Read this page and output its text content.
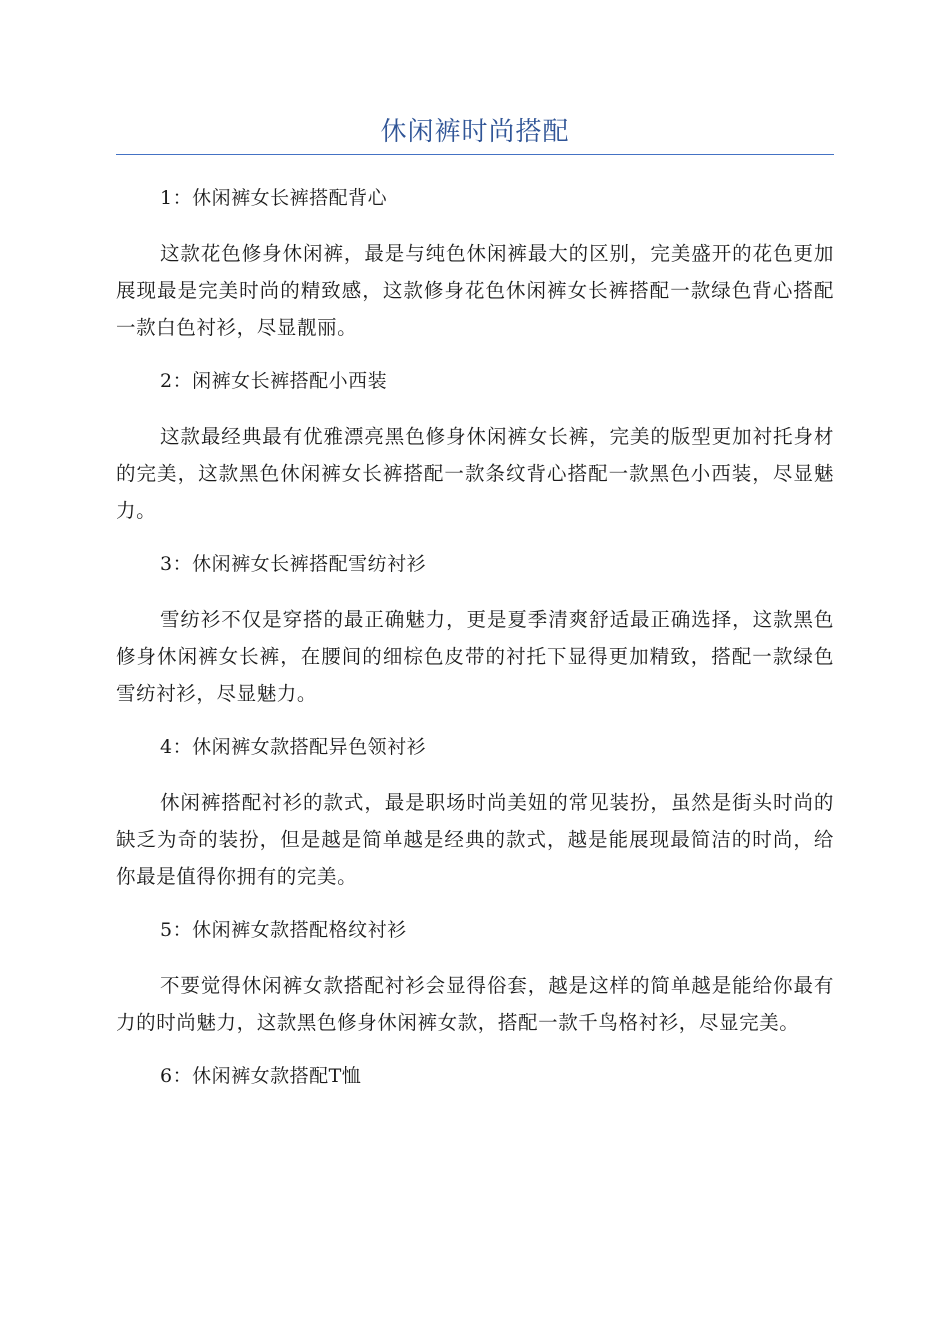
休闲裤时尚搭配

1：休闲裤女长裤搭配背心

这款花色修身休闲裤，最是与纯色休闲裤最大的区别，完美盛开的花色更加展现最是完美时尚的精致感，这款修身花色休闲裤女长裤搭配一款绿色背心搭配一款白色衬衫，尽显靓丽。

2：闲裤女长裤搭配小西装

这款最经典最有优雅漂亮黑色修身休闲裤女长裤，完美的版型更加衬托身材的完美，这款黑色休闲裤女长裤搭配一款条纹背心搭配一款黑色小西装，尽显魅力。

3：休闲裤女长裤搭配雪纺衬衫

雪纺衫不仅是穿搭的最正确魅力，更是夏季清爽舒适最正确选择，这款黑色修身休闲裤女长裤，在腰间的细棕色皮带的衬托下显得更加精致，搭配一款绿色雪纺衬衫，尽显魅力。

4：休闲裤女款搭配异色领衬衫

休闲裤搭配衬衫的款式，最是职场时尚美妞的常见装扮，虽然是街头时尚的缺乏为奇的装扮，但是越是简单越是经典的款式，越是能展现最简洁的时尚，给你最是值得你拥有的完美。

5：休闲裤女款搭配格纹衬衫

不要觉得休闲裤女款搭配衬衫会显得俗套，越是这样的简单越是能给你最有力的时尚魅力，这款黑色修身休闲裤女款，搭配一款千鸟格衬衫，尽显完美。

6：休闲裤女款搭配T恤
